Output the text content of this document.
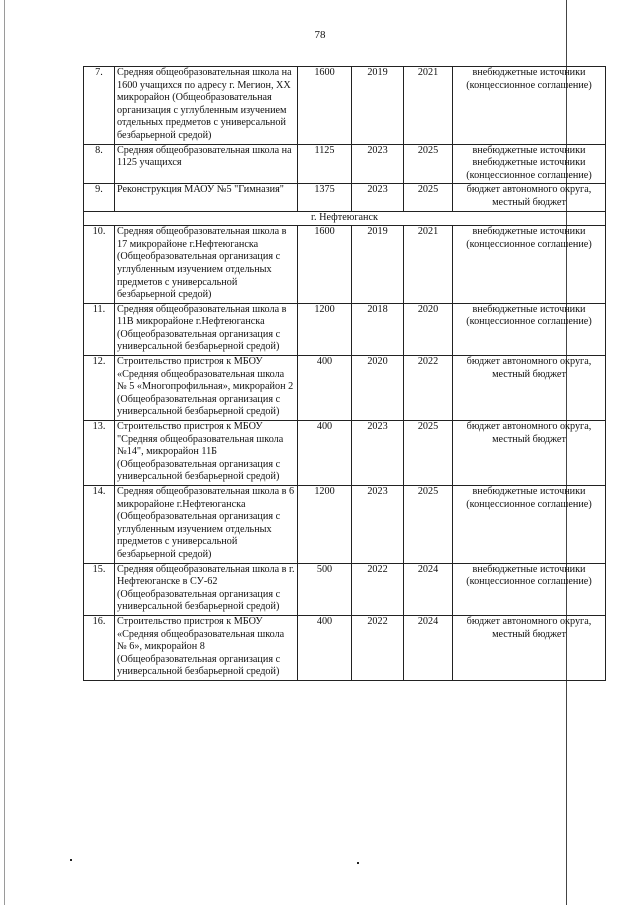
78
7.	Средняя общеобразовательная школа на 1600 учащихся по адресу г. Мегион, XX микрорайон (Общеобразовательная организация с углубленным изучением отдельных предметов с универсальной безбарьерной средой)	1600	2019	2021	внебюджетные источники (концессионное соглашение)
8.	Средняя общеобразовательная школа на 1125 учащихся	1125	2023	2025	внебюджетные источники внебюджетные источники (концессионное соглашение)
9.	Реконструкция МАОУ №5 "Гимназия"	1375	2023	2025	бюджет автономного округа, местный бюджет
г. Нефтеюганск					
10.	Средняя общеобразовательная школа в 17 микрорайоне г.Нефтеюганска (Общеобразовательная организация с углубленным изучением отдельных предметов с универсальной безбарьерной средой)	1600	2019	2021	внебюджетные источники (концессионное соглашение)
11.	Средняя общеобразовательная школа в 11В микрорайоне г.Нефтеюганска (Общеобразовательная организация с универсальной безбарьерной средой)	1200	2018	2020	внебюджетные источники (концессионное соглашение)
12.	Строительство пристроя к МБОУ «Средняя общеобразовательная школа № 5 «Многопрофильная», микрорайон 2 (Общеобразовательная организация с универсальной безбарьерной средой)	400	2020	2022	бюджет автономного округа, местный бюджет
13.	Строительство пристроя к МБОУ "Средняя общеобразовательная школа №14", микрорайон 11Б (Общеобразовательная организация с универсальной безбарьерной средой)	400	2023	2025	бюджет автономного округа, местный бюджет
14.	Средняя общеобразовательная школа в 6 микрорайоне г.Нефтеюганска (Общеобразовательная организация с углубленным изучением отдельных предметов с универсальной безбарьерной средой)	1200	2023	2025	внебюджетные источники (концессионное соглашение)
15.	Средняя общеобразовательная школа в г. Нефтеюганске в СУ-62 (Общеобразовательная организация с универсальной безбарьерной средой)	500	2022	2024	внебюджетные источники (концессионное соглашение)
16.	Строительство пристроя к МБОУ «Средняя общеобразовательная школа № 6», микрорайон 8 (Общеобразовательная организация с универсальной безбарьерной средой)	400	2022	2024	бюджет автономного округа, местный бюджет
